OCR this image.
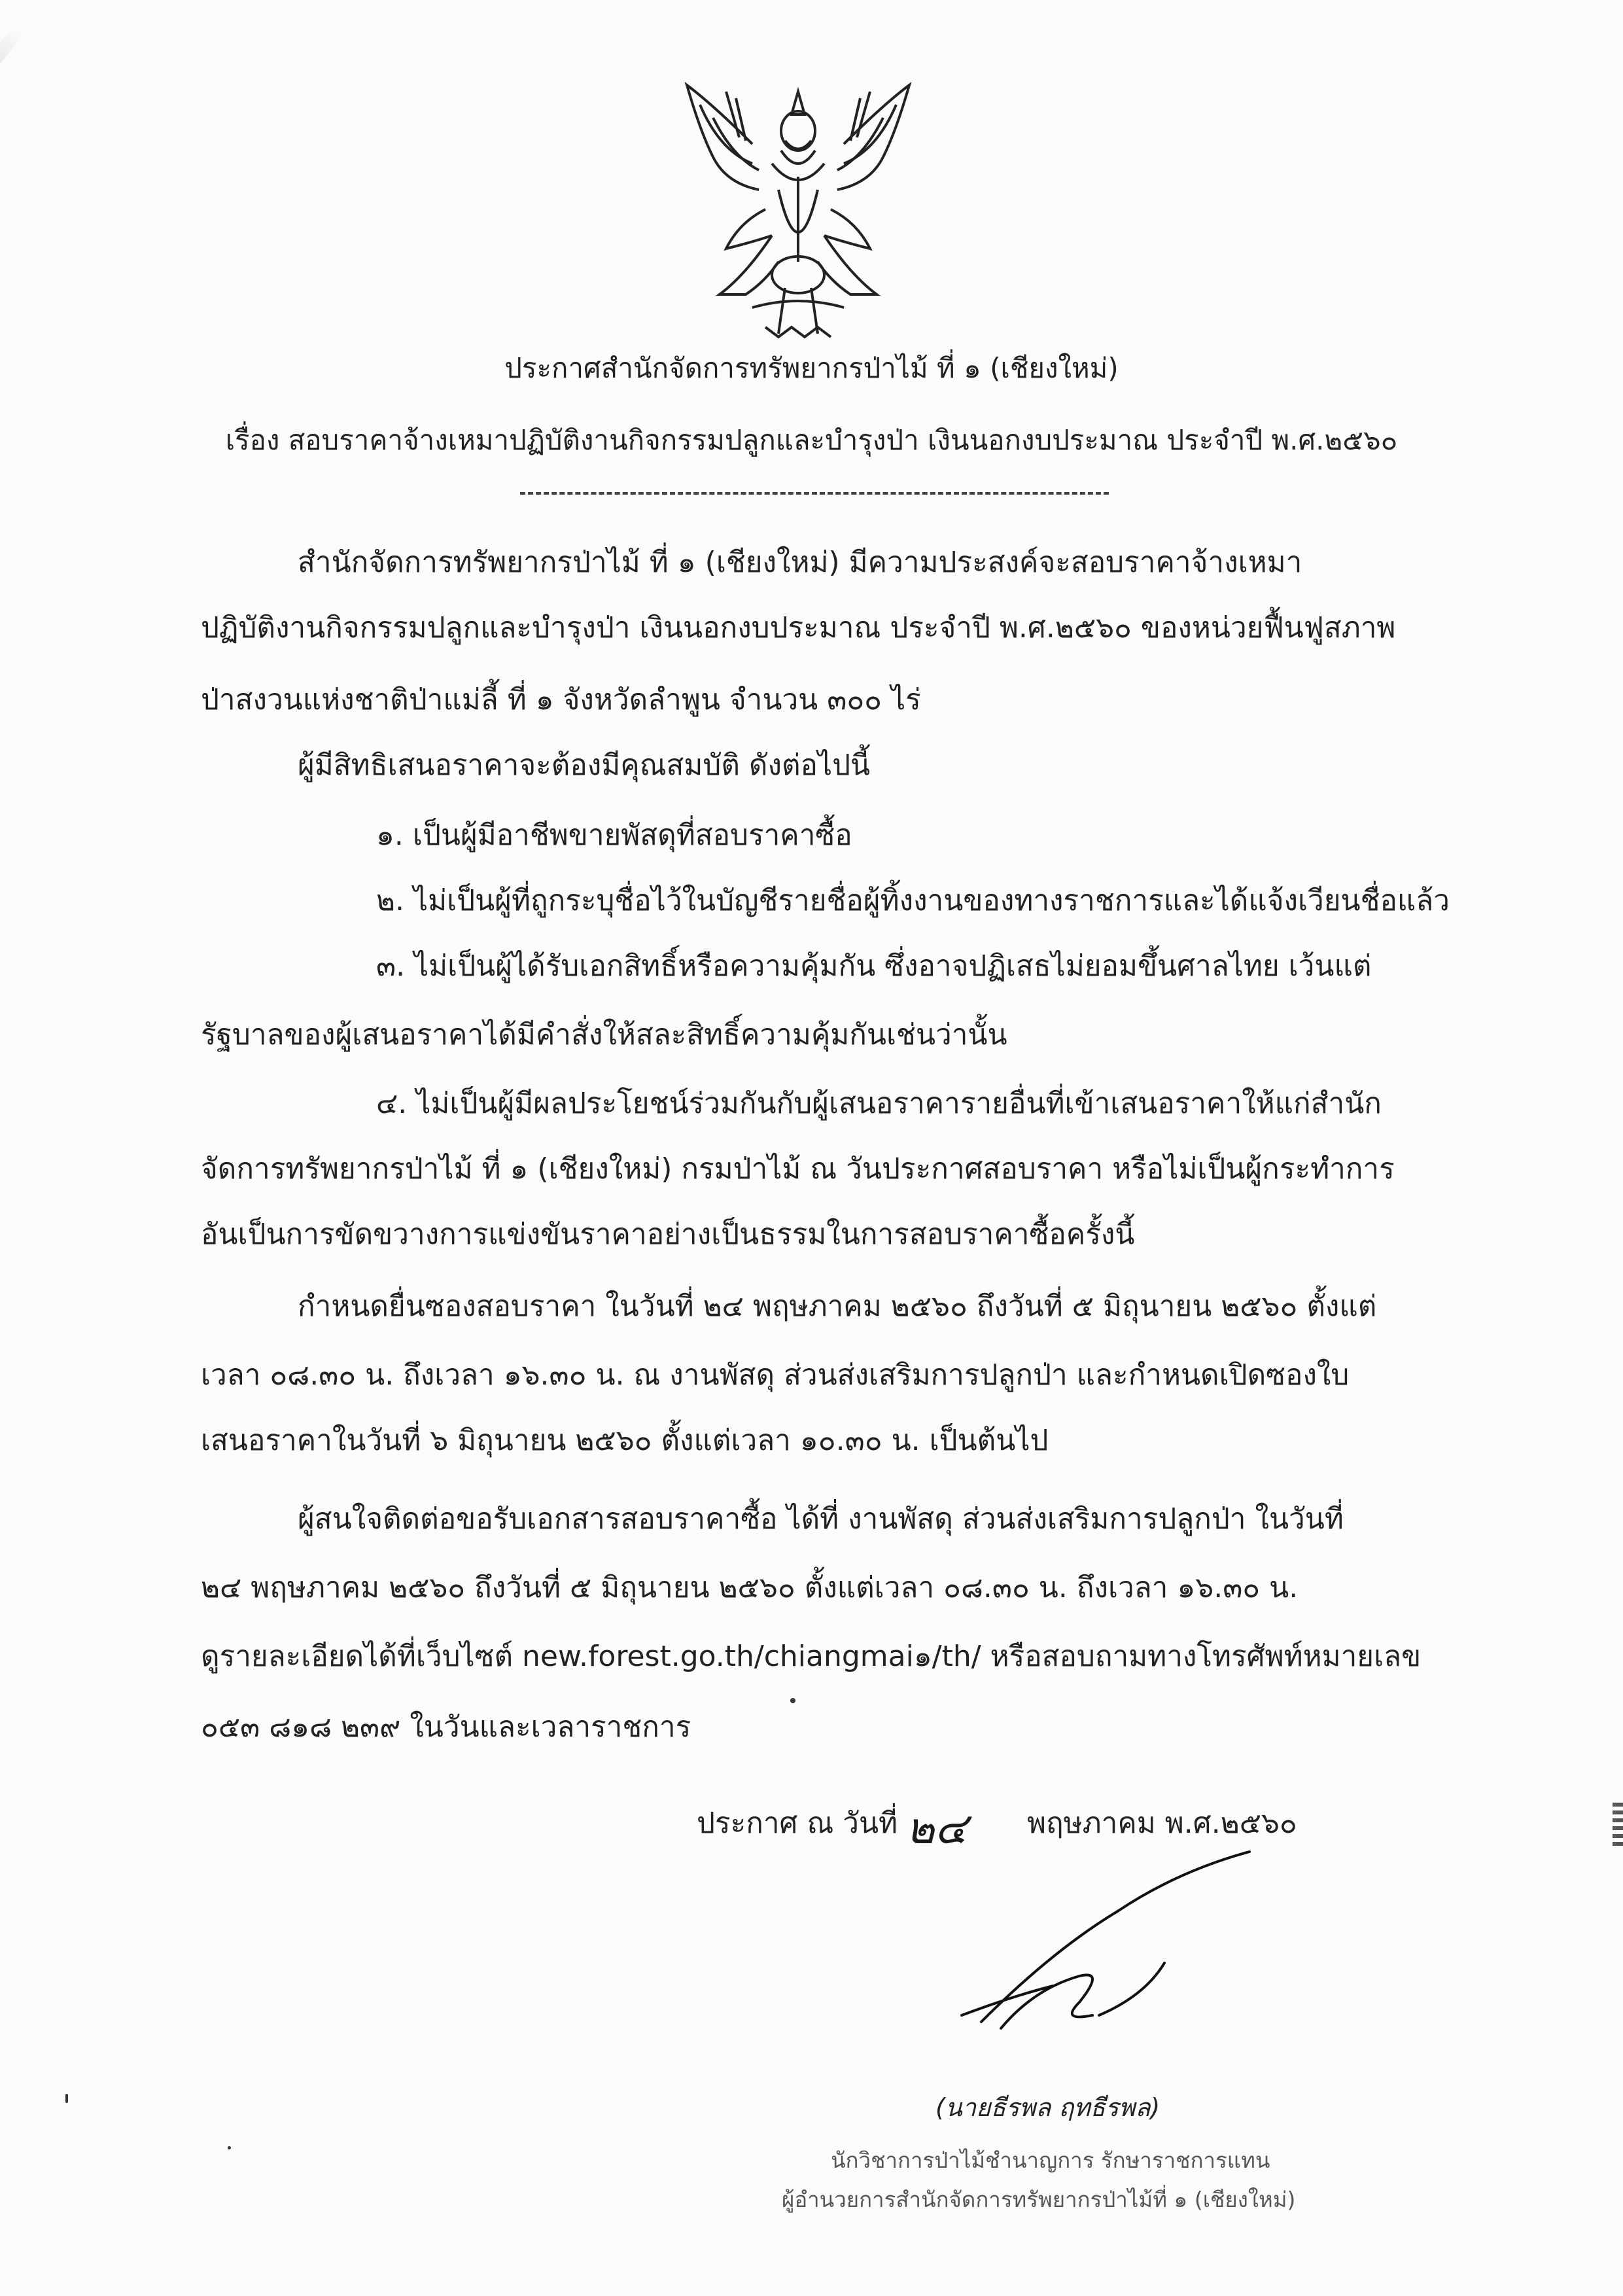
ประกาศสำนักจัดการทรัพยากรป่าไม้ ที่ ๑ (เชียงใหม่)
เรื่อง สอบราคาจ้างเหมาปฏิบัติงานกิจกรรมปลูกและบำรุงป่า เงินนอกงบประมาณ ประจำปี พ.ศ.๒๕๖๐
สำนักจัดการทรัพยากรป่าไม้ ที่ ๑ (เชียงใหม่) มีความประสงค์จะสอบราคาจ้างเหมา
ปฏิบัติงานกิจกรรมปลูกและบำรุงป่า เงินนอกงบประมาณ ประจำปี พ.ศ.๒๕๖๐ ของหน่วยฟื้นฟูสภาพ
ป่าสงวนแห่งชาติป่าแม่ลี้ ที่ ๑ จังหวัดลำพูน จำนวน ๓๐๐ ไร่
ผู้มีสิทธิเสนอราคาจะต้องมีคุณสมบัติ ดังต่อไปนี้
๑. เป็นผู้มีอาชีพขายพัสดุที่สอบราคาซื้อ
๒. ไม่เป็นผู้ที่ถูกระบุชื่อไว้ในบัญชีรายชื่อผู้ทิ้งงานของทางราชการและได้แจ้งเวียนชื่อแล้ว
๓. ไม่เป็นผู้ได้รับเอกสิทธิ์หรือความคุ้มกัน ซึ่งอาจปฏิเสธไม่ยอมขึ้นศาลไทย เว้นแต่
รัฐบาลของผู้เสนอราคาได้มีคำสั่งให้สละสิทธิ์ความคุ้มกันเช่นว่านั้น
๔. ไม่เป็นผู้มีผลประโยชน์ร่วมกันกับผู้เสนอราคารายอื่นที่เข้าเสนอราคาให้แก่สำนัก
จัดการทรัพยากรป่าไม้ ที่ ๑ (เชียงใหม่) กรมป่าไม้ ณ วันประกาศสอบราคา หรือไม่เป็นผู้กระทำการ
อันเป็นการขัดขวางการแข่งขันราคาอย่างเป็นธรรมในการสอบราคาซื้อครั้งนี้
กำหนดยื่นซองสอบราคา ในวันที่ ๒๔ พฤษภาคม ๒๕๖๐ ถึงวันที่ ๕ มิถุนายน ๒๕๖๐ ตั้งแต่
เวลา ๐๘.๓๐ น. ถึงเวลา ๑๖.๓๐ น. ณ งานพัสดุ ส่วนส่งเสริมการปลูกป่า และกำหนดเปิดซองใบ
เสนอราคาในวันที่ ๖ มิถุนายน ๒๕๖๐ ตั้งแต่เวลา ๑๐.๓๐ น. เป็นต้นไป
ผู้สนใจติดต่อขอรับเอกสารสอบราคาซื้อ ได้ที่ งานพัสดุ ส่วนส่งเสริมการปลูกป่า ในวันที่
๒๔ พฤษภาคม ๒๕๖๐ ถึงวันที่ ๕ มิถุนายน ๒๕๖๐ ตั้งแต่เวลา ๐๘.๓๐ น. ถึงเวลา ๑๖.๓๐ น.
ดูรายละเอียดได้ที่เว็บไซต์ new.forest.go.th/chiangmai๑/th/ หรือสอบถามทางโทรศัพท์หมายเลข
๐๕๓ ๘๑๘ ๒๓๙ ในวันและเวลาราชการ
ประกาศ ณ วันที่ ๒๔ พฤษภาคม พ.ศ.๒๕๖๐
(นายธีรพล ฤทธีรพล)
นักวิชาการป่าไม้ชำนาญการ รักษาราชการแทน
ผู้อำนวยการสำนักจัดการทรัพยากรป่าไม้ที่ ๑ (เชียงใหม่)
